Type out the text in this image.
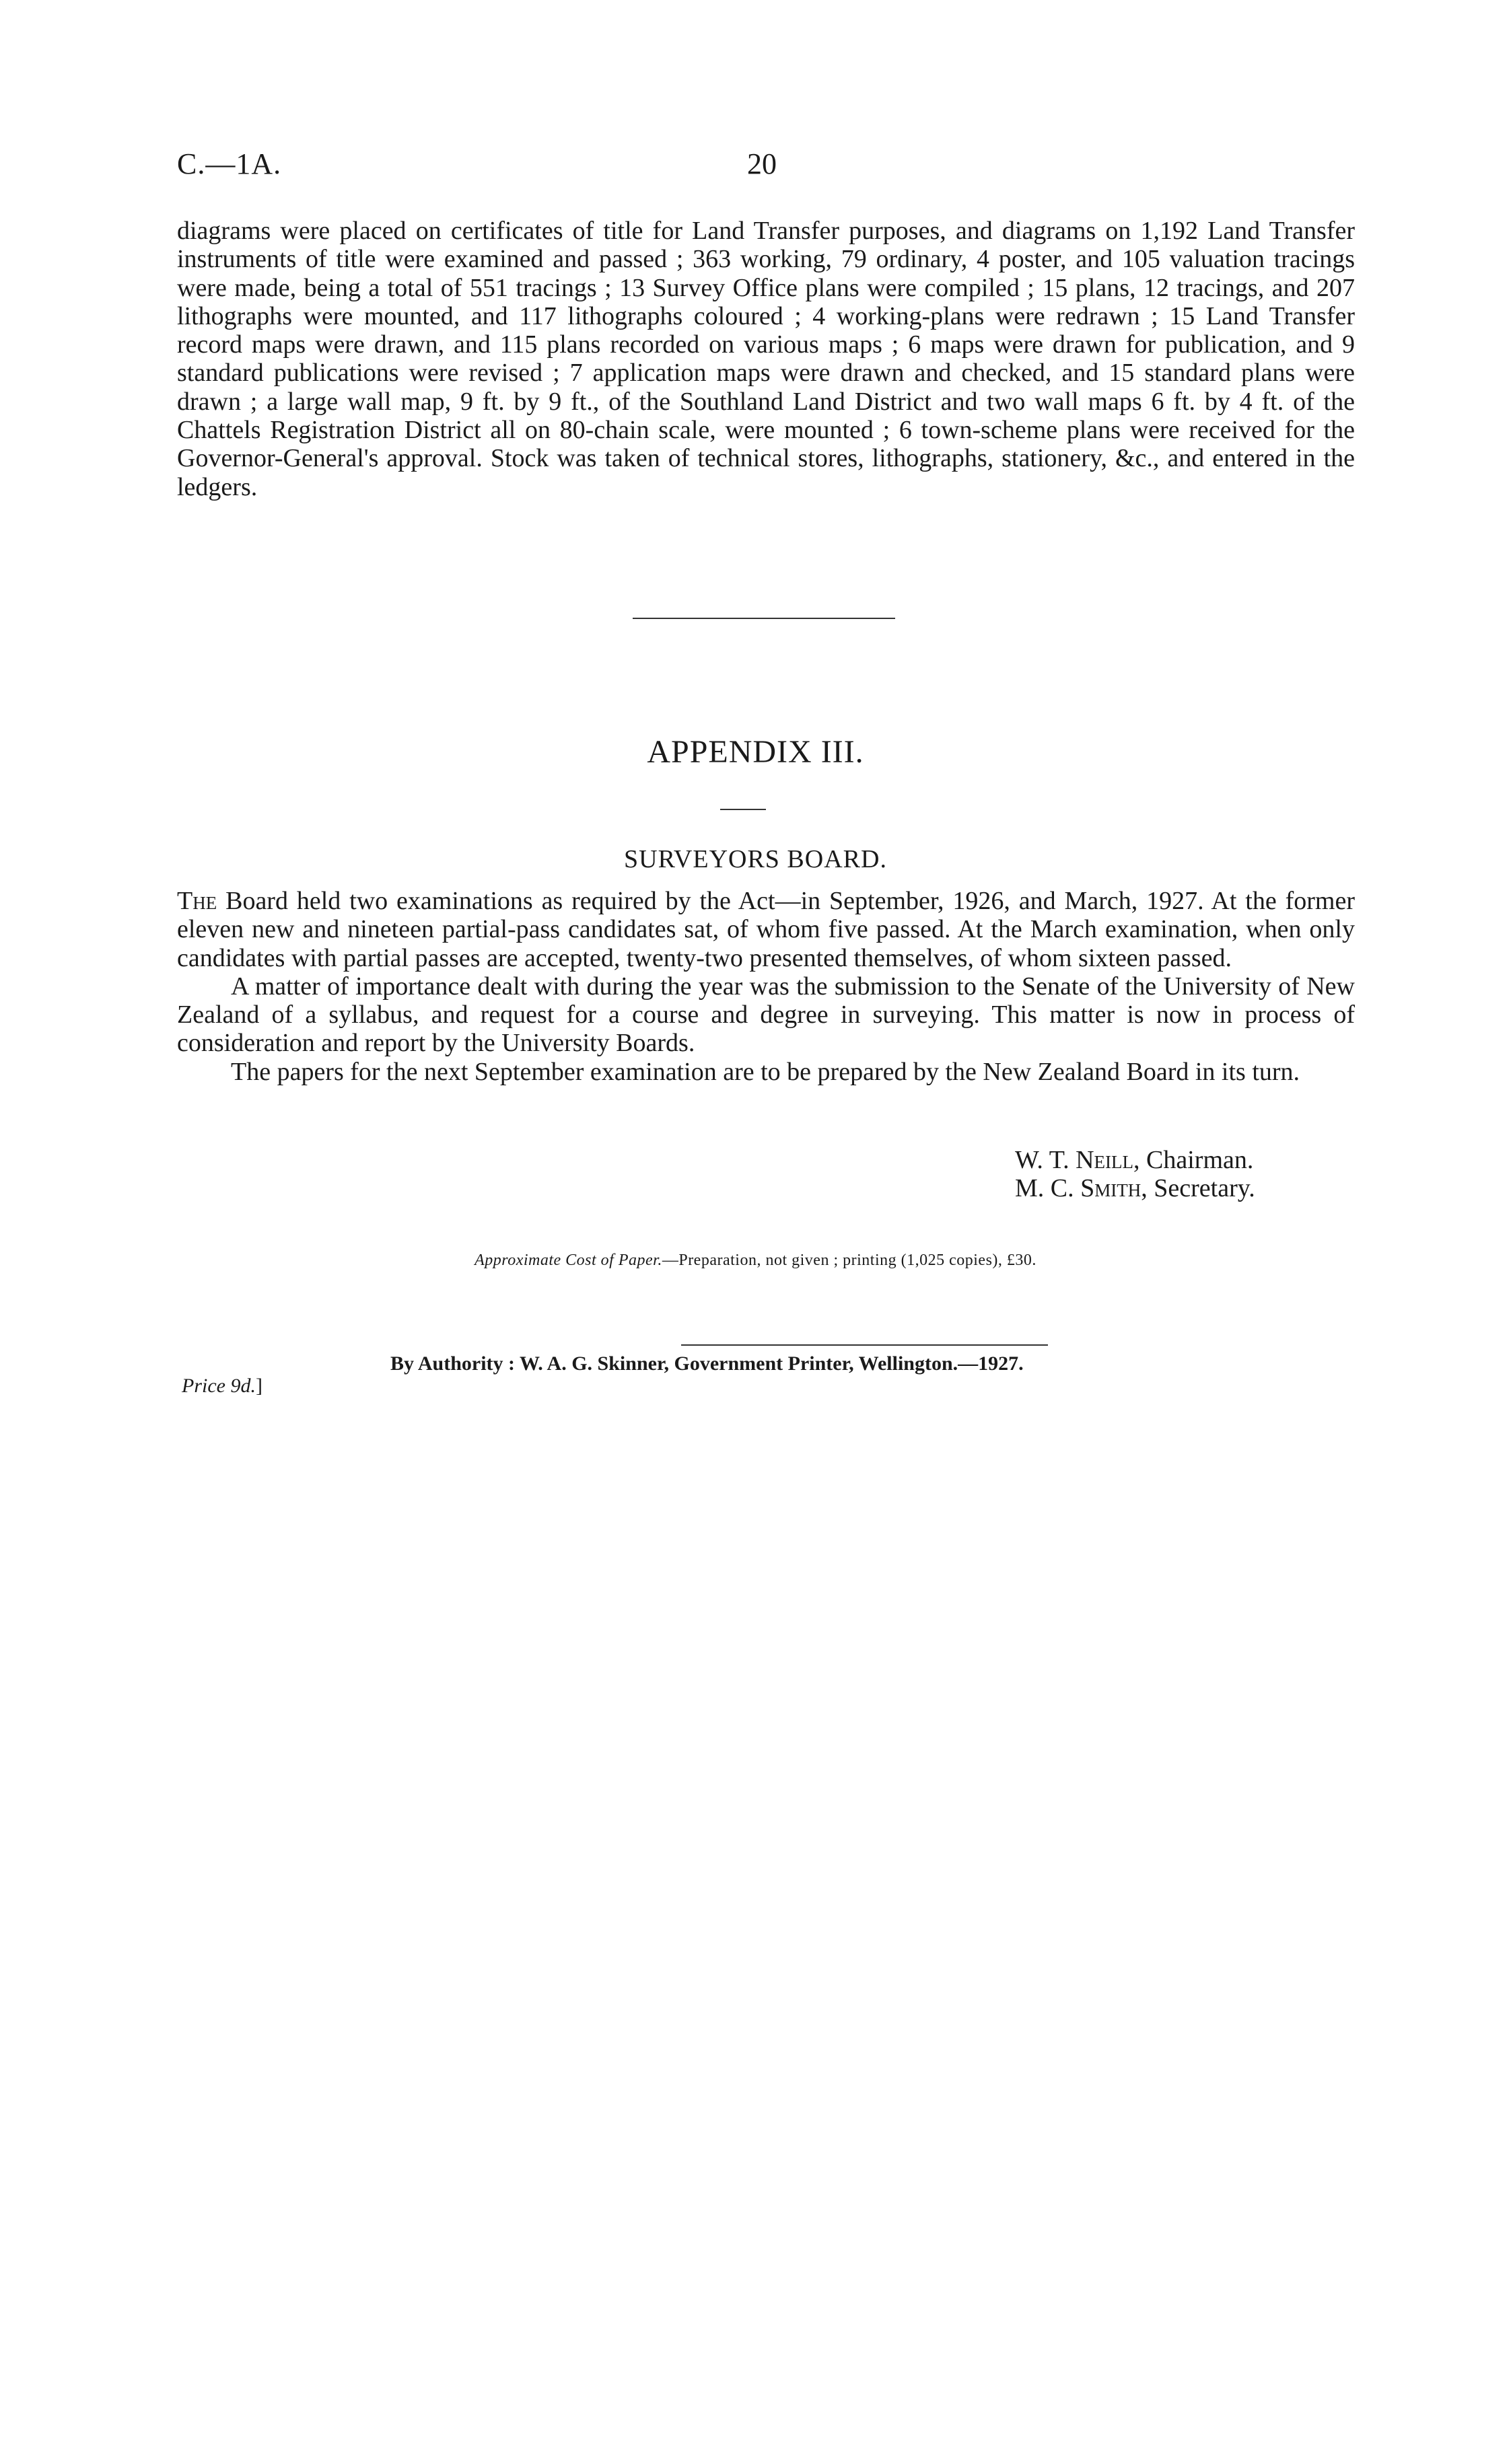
C.—1A.	20
diagrams were placed on certificates of title for Land Transfer purposes, and diagrams on 1,192 Land Transfer instruments of title were examined and passed ; 363 working, 79 ordinary, 4 poster, and 105 valuation tracings were made, being a total of 551 tracings ; 13 Survey Office plans were compiled ; 15 plans, 12 tracings, and 207 lithographs were mounted, and 117 lithographs coloured ; 4 working-plans were redrawn ; 15 Land Transfer record maps were drawn, and 115 plans recorded on various maps ; 6 maps were drawn for publication, and 9 standard publications were revised ; 7 application maps were drawn and checked, and 15 standard plans were drawn ; a large wall map, 9 ft. by 9 ft., of the Southland Land District and two wall maps 6 ft. by 4 ft. of the Chattels Registration District all on 80-chain scale, were mounted ; 6 town-scheme plans were received for the Governor-General's approval. Stock was taken of technical stores, lithographs, stationery, &c., and entered in the ledgers.
APPENDIX III.
SURVEYORS BOARD.

The Board held two examinations as required by the Act—in September, 1926, and March, 1927. At the former eleven new and nineteen partial-pass candidates sat, of whom five passed. At the March examination, when only candidates with partial passes are accepted, twenty-two presented themselves, of whom sixteen passed.

A matter of importance dealt with during the year was the submission to the Senate of the University of New Zealand of a syllabus, and request for a course and degree in surveying. This matter is now in process of consideration and report by the University Boards.

The papers for the next September examination are to be prepared by the New Zealand Board in its turn.

W. T. Neill, Chairman.
M. C. Smith, Secretary.
Approximate Cost of Paper.—Preparation, not given ; printing (1,025 copies), £30.
By Authority : W. A. G. Skinner, Government Printer, Wellington.—1927.
Price 9d.]
